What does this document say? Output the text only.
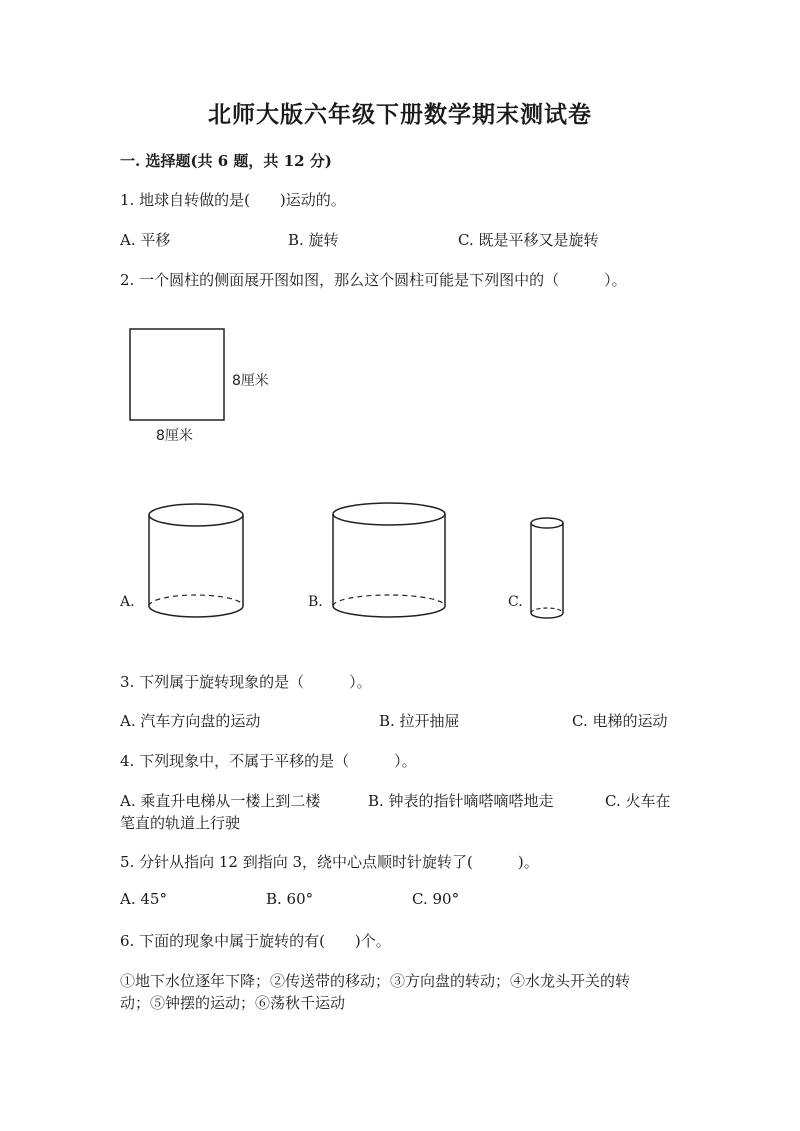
北师大版六年级下册数学期末测试卷
一. 选择题(共 6 题，共 12 分)
1. 地球自转做的是(　　)运动的。
A. 平移	B. 旋转	C. 既是平移又是旋转
2. 一个圆柱的侧面展开图如图，那么这个圆柱可能是下列图中的（　　　）。
8厘米
8厘米
A.	B.	C.
3. 下列属于旋转现象的是（　　　）。
A. 汽车方向盘的运动	B. 拉开抽屉	C. 电梯的运动
4. 下列现象中，不属于平移的是（　　　）。
A. 乘直升电梯从一楼上到二楼	B. 钟表的指针嘀嗒嘀嗒地走	C. 火车在
笔直的轨道上行驶
5. 分针从指向 12 到指向 3，绕中心点顺时针旋转了(　　　)。
A. 45°	B. 60°	C. 90°
6. 下面的现象中属于旋转的有(　　)个。
①地下水位逐年下降；②传送带的移动；③方向盘的转动；④水龙头开关的转
动；⑤钟摆的运动；⑥荡秋千运动
